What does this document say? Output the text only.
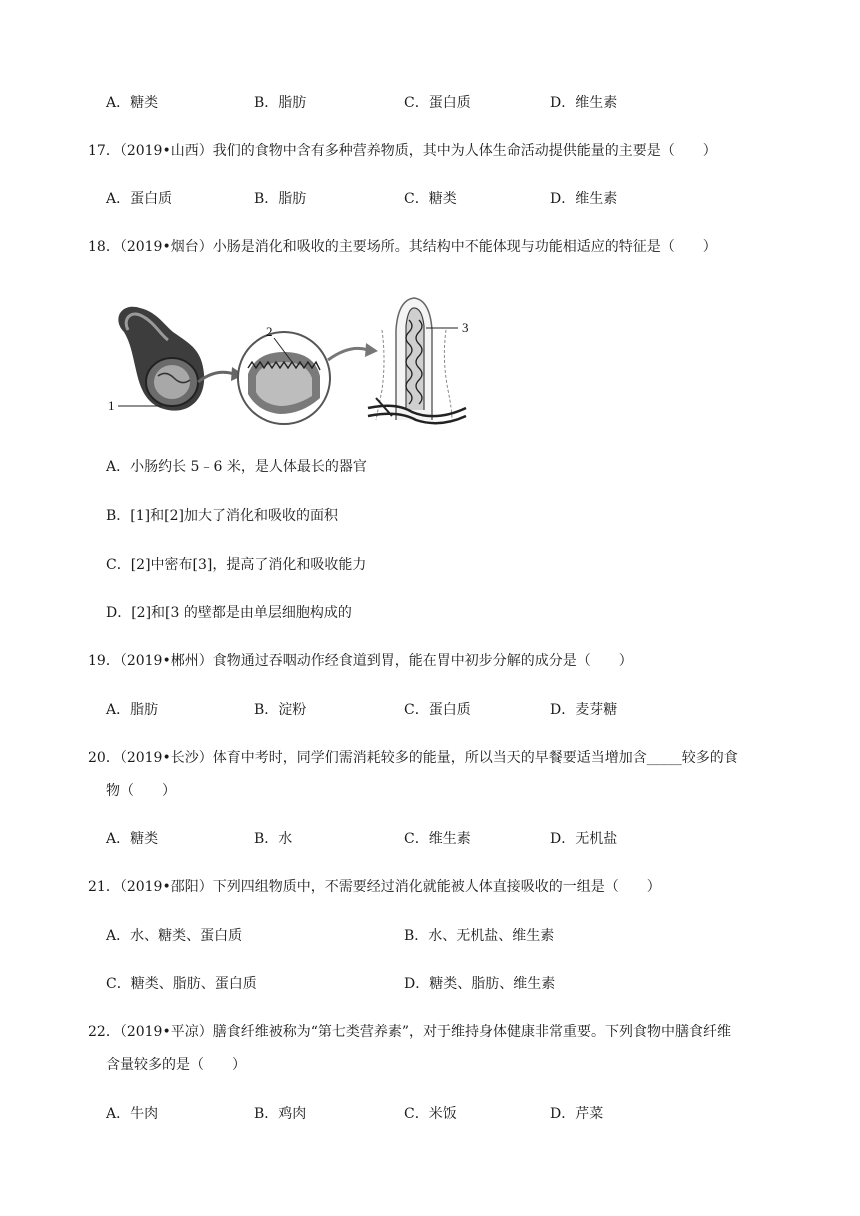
A．糖类	B．脂肪	C．蛋白质	D．维生素
17．（2019•山西）我们的食物中含有多种营养物质，其中为人体生命活动提供能量的主要是（　　）
A．蛋白质	B．脂肪	C．糖类	D．维生素
18．（2019•烟台）小肠是消化和吸收的主要场所。其结构中不能体现与功能相适应的特征是（　　）
1
2	3
A．小肠约长 5﹣6 米，是人体最长的器官
B．[1]和[2]加大了消化和吸收的面积
C．[2]中密布[3]，提高了消化和吸收能力
D．[2]和[3 的壁都是由单层细胞构成的
19．（2019•郴州）食物通过吞咽动作经食道到胃，能在胃中初步分解的成分是（　　）
A．脂肪	B．淀粉	C．蛋白质	D．麦芽糖
20．（2019•长沙）体育中考时，同学们需消耗较多的能量，所以当天的早餐要适当增加含_____较多的食
物（　　）
A．糖类	B．水	C．维生素	D．无机盐
21．（2019•邵阳）下列四组物质中，不需要经过消化就能被人体直接吸收的一组是（　　）
A．水、糖类、蛋白质	B．水、无机盐、维生素
C．糖类、脂肪、蛋白质	D．糖类、脂肪、维生素
22．（2019•平凉）膳食纤维被称为“第七类营养素”，对于维持身体健康非常重要。下列食物中膳食纤维
含量较多的是（　　）
A．牛肉	B．鸡肉	C．米饭	D．芹菜
